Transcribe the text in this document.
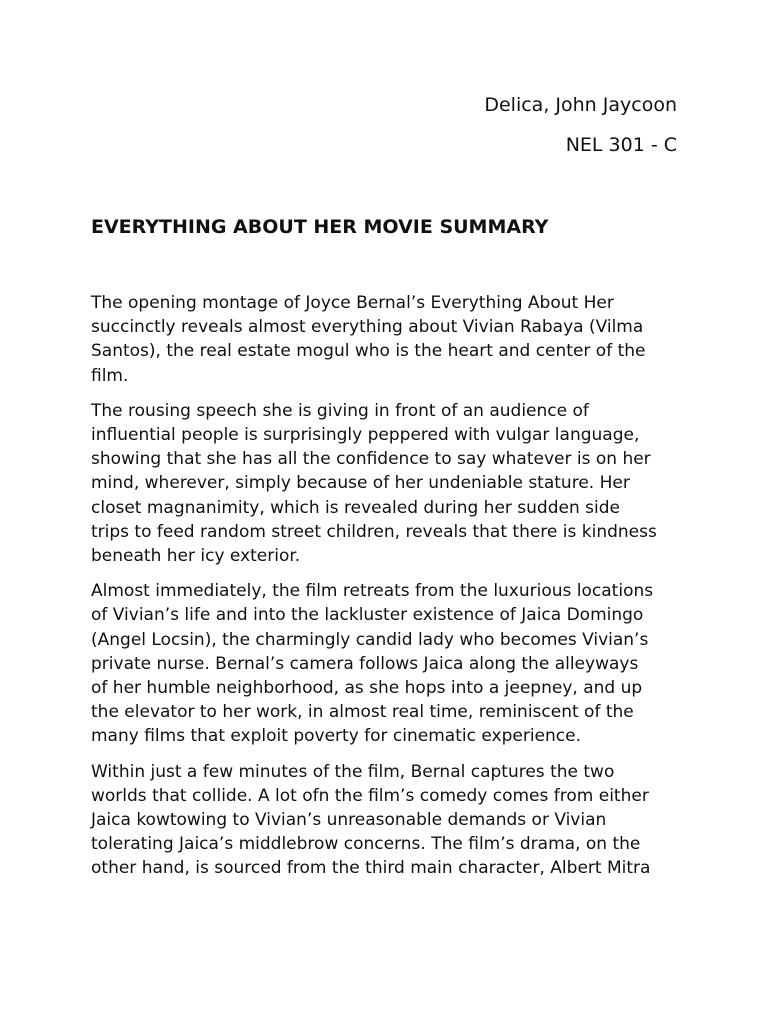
Delica, John Jaycoon
NEL 301 - C
EVERYTHING ABOUT HER MOVIE SUMMARY
The opening montage of Joyce Bernal’s Everything About Her
succinctly reveals almost everything about Vivian Rabaya (Vilma
Santos), the real estate mogul who is the heart and center of the
film.
The rousing speech she is giving in front of an audience of
influential people is surprisingly peppered with vulgar language,
showing that she has all the confidence to say whatever is on her
mind, wherever, simply because of her undeniable stature. Her
closet magnanimity, which is revealed during her sudden side
trips to feed random street children, reveals that there is kindness
beneath her icy exterior.
Almost immediately, the film retreats from the luxurious locations
of Vivian’s life and into the lackluster existence of Jaica Domingo
(Angel Locsin), the charmingly candid lady who becomes Vivian’s
private nurse. Bernal’s camera follows Jaica along the alleyways
of her humble neighborhood, as she hops into a jeepney, and up
the elevator to her work, in almost real time, reminiscent of the
many films that exploit poverty for cinematic experience.
Within just a few minutes of the film, Bernal captures the two
worlds that collide. A lot ofn the film’s comedy comes from either
Jaica kowtowing to Vivian’s unreasonable demands or Vivian
tolerating Jaica’s middlebrow concerns. The film’s drama, on the
other hand, is sourced from the third main character, Albert Mitra
